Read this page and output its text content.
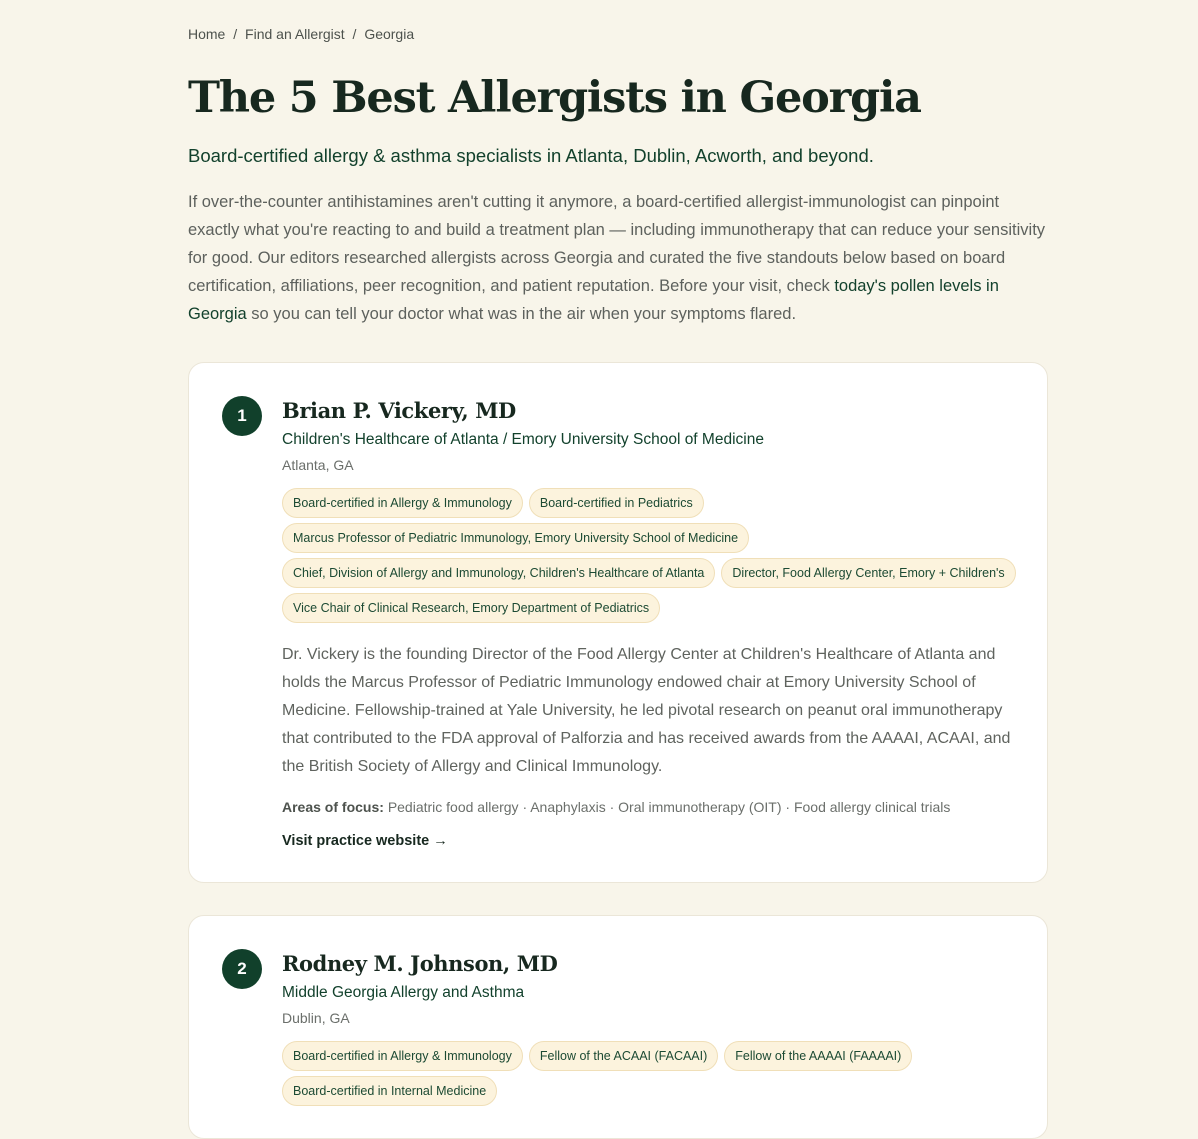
Home / Find an Allergist / Georgia
The 5 Best Allergists in Georgia
Board-certified allergy & asthma specialists in Atlanta, Dublin, Acworth, and beyond.

If over-the-counter antihistamines aren't cutting it anymore, a board-certified allergist-immunologist can pinpoint exactly what you're reacting to and build a treatment plan — including immunotherapy that can reduce your sensitivity for good. Our editors researched allergists across Georgia and curated the five standouts below based on board certification, affiliations, peer recognition, and patient reputation. Before your visit, check today's pollen levels in Georgia so you can tell your doctor what was in the air when your symptoms flared.

1	Brian P. Vickery, MD
Children's Healthcare of Atlanta / Emory University School of Medicine
Atlanta, GA
Board-certified in Allergy & Immunology	Board-certified in Pediatrics
Marcus Professor of Pediatric Immunology, Emory University School of Medicine
Chief, Division of Allergy and Immunology, Children's Healthcare of Atlanta	Director, Food Allergy Center, Emory + Children's
Vice Chair of Clinical Research, Emory Department of Pediatrics

Dr. Vickery is the founding Director of the Food Allergy Center at Children's Healthcare of Atlanta and holds the Marcus Professor of Pediatric Immunology endowed chair at Emory University School of Medicine. Fellowship-trained at Yale University, he led pivotal research on peanut oral immunotherapy that contributed to the FDA approval of Palforzia and has received awards from the AAAAI, ACAAI, and the British Society of Allergy and Clinical Immunology.

Areas of focus: Pediatric food allergy · Anaphylaxis · Oral immunotherapy (OIT) · Food allergy clinical trials
Visit practice website →
2	Rodney M. Johnson, MD
Middle Georgia Allergy and Asthma
Dublin, GA
Board-certified in Allergy & Immunology	Fellow of the ACAAI (FACAAI)	Fellow of the AAAAI (FAAAAI)
Board-certified in Internal Medicine
